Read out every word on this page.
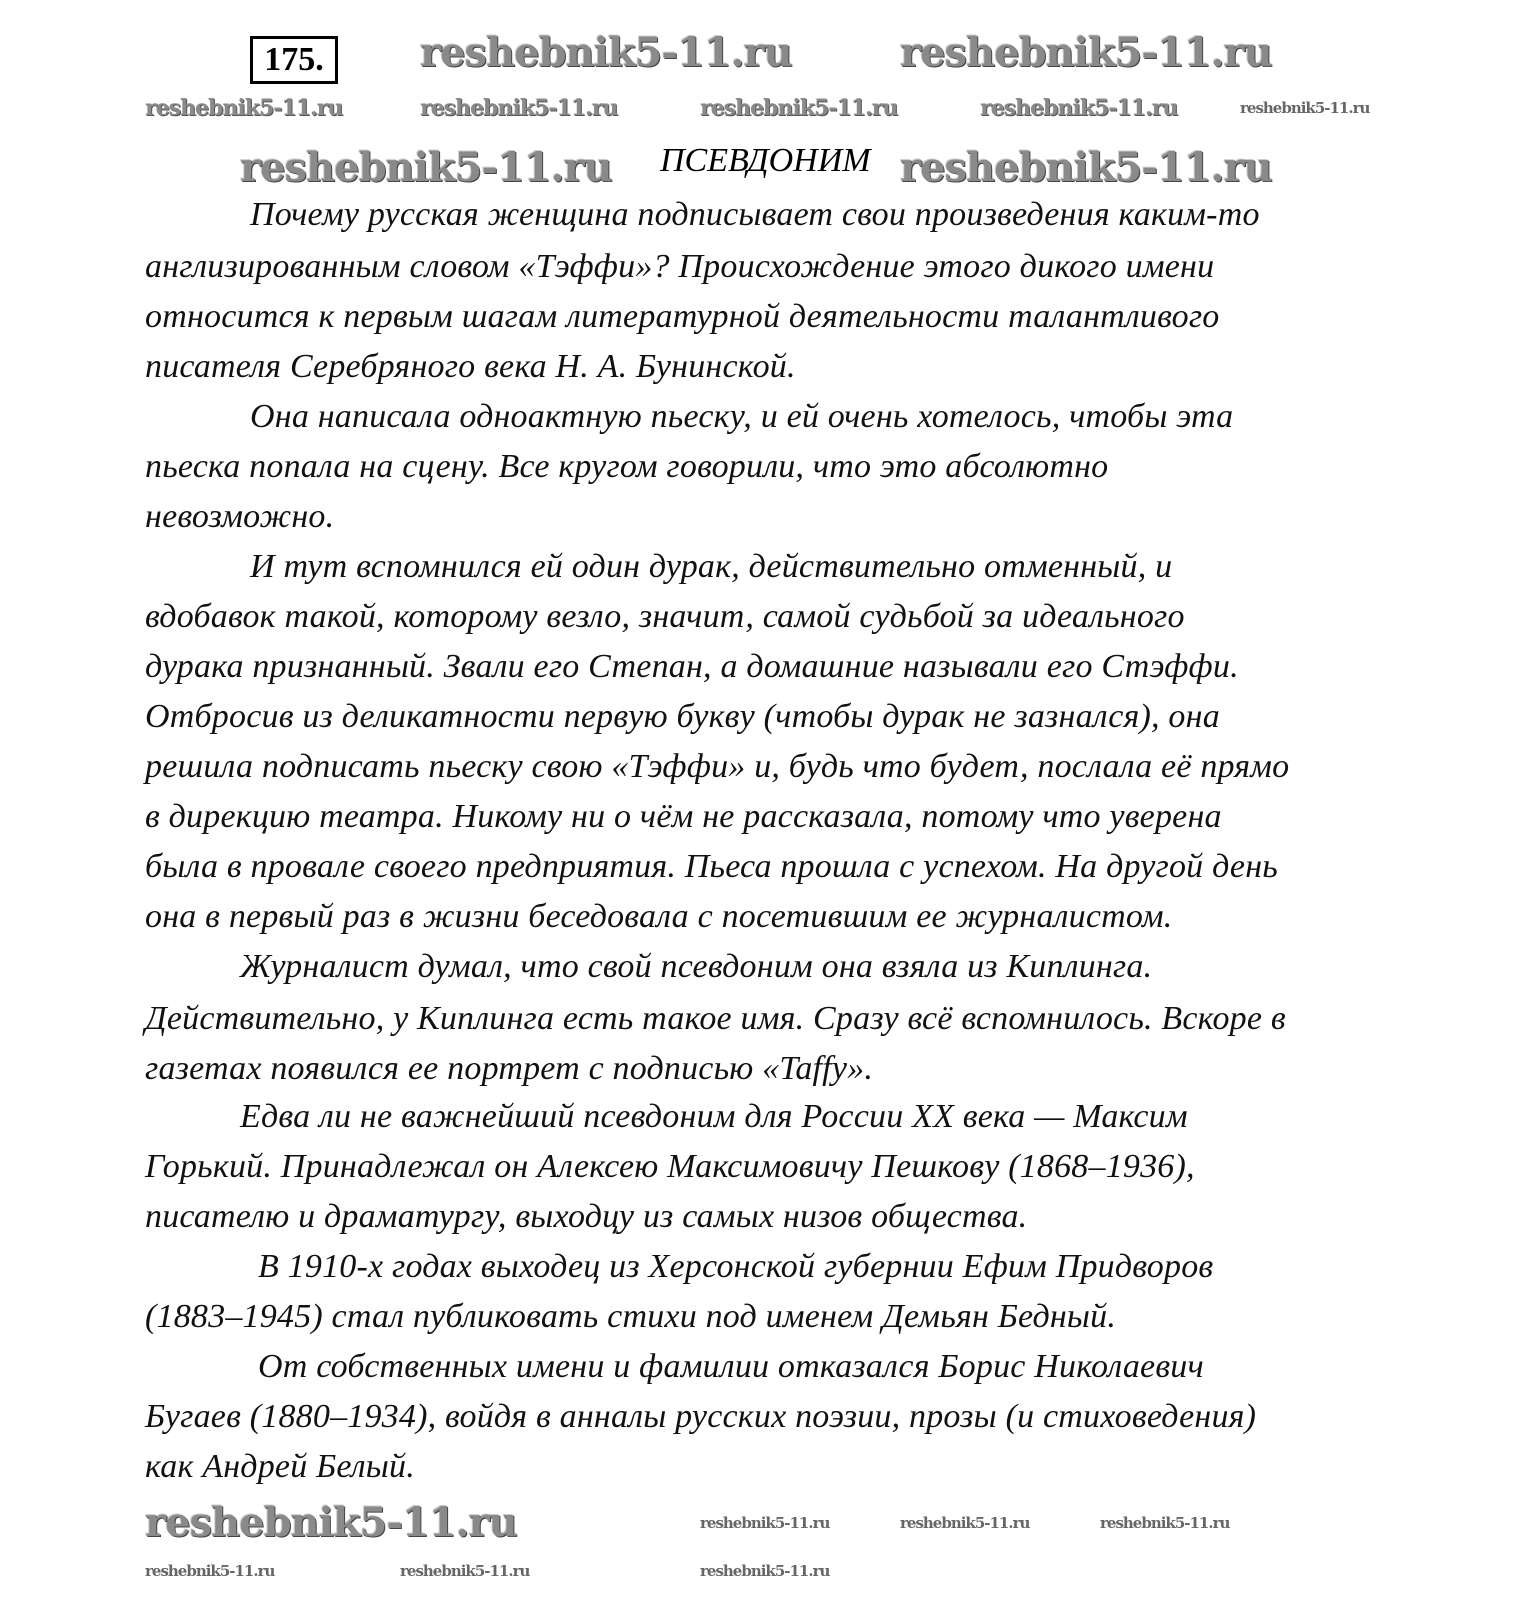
175.
ПСЕВДОНИМ
Почему русская женщина подписывает свои произведения каким-то
англизированным словом «Тэффи»? Происхождение этого дикого имени
относится к первым шагам литературной деятельности талантливого
писателя Серебряного века Н. А. Бунинской.
Она написала одноактную пьеску, и ей очень хотелось, чтобы эта
пьеска попала на сцену. Все кругом говорили, что это абсолютно
невозможно.
И тут вспомнился ей один дурак, действительно отменный, и
вдобавок такой, которому везло, значит, самой судьбой за идеального
дурака признанный. Звали его Степан, а домашние называли его Стэффи.
Отбросив из деликатности первую букву (чтобы дурак не зазнался), она
решила подписать пьеску свою «Тэффи» и, будь что будет, послала её прямо
в дирекцию театра. Никому ни о чём не рассказала, потому что уверена
была в провале своего предприятия. Пьеса прошла с успехом. На другой день
она в первый раз в жизни беседовала с посетившим ее журналистом.
Журналист думал, что свой псевдоним она взяла из Киплинга.
Действительно, у Киплинга есть такое имя. Сразу всё вспомнилось. Вскоре в
газетах появился ее портрет с подписью «Taffy».
Едва ли не важнейший псевдоним для России XX века — Максим
Горький. Принадлежал он Алексею Максимовичу Пешкову (1868–1936),
писателю и драматургу, выходцу из самых низов общества.
В 1910-х годах выходец из Херсонской губернии Ефим Придворов
(1883–1945) стал публиковать стихи под именем Демьян Бедный.
От собственных имени и фамилии отказался Борис Николаевич
Бугаев (1880–1934), войдя в анналы русских поэзии, прозы (и стиховедения)
как Андрей Белый.
reshebnik5-11.ru	reshebnik5-11.ru
reshebnik5-11.ru	reshebnik5-11.ru
reshebnik5-11.ru	reshebnik5-11.ru	reshebnik5-11.ru	reshebnik5-11.ru	reshebnik5-11.ru
reshebnik5-11.ru	reshebnik5-11.ru	reshebnik5-11.ru	reshebnik5-11.ru
reshebnik5-11.ru	reshebnik5-11.ru	reshebnik5-11.ru
